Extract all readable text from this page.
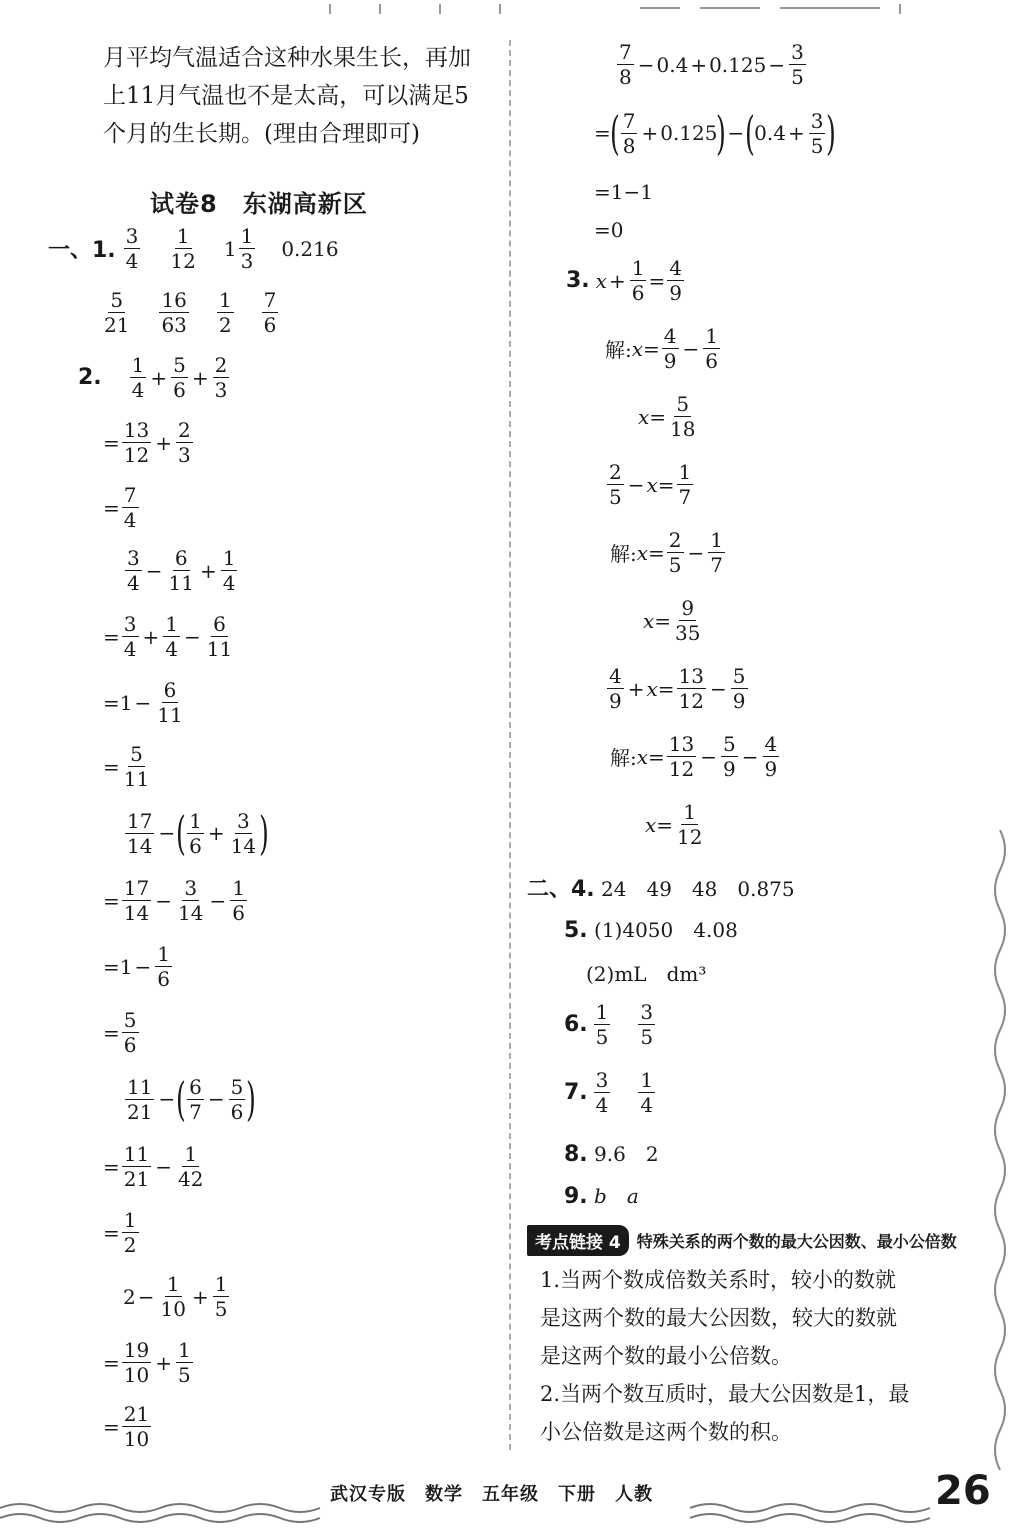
月平均气温适合这种水果生长，再加
上11月气温也不是太高，可以满足5
个月的生长期。(理由合理即可)
试卷8　东湖高新区
一、1. $\frac{3}{4} \frac{1}{12} 1 \frac{1}{3} 0.216$
$\frac{5}{21} \frac{16}{63} \frac{1}{2} \frac{7}{6}$
2. $\frac{1}{4} + \frac{5}{6} + \frac{2}{3}$
= $\frac{13}{12} + \frac{2}{3}$
= $\frac{7}{4}$
$\frac{3}{4} - \frac{6}{11} + \frac{1}{4}$
= $\frac{3}{4} + \frac{1}{4} - \frac{6}{11}$
= $1 - \frac{6}{11}$
= $\frac{5}{11}$
$\frac{17}{14}$ − ( $\frac{1}{6} + \frac{3}{14}$ )
= $\frac{17}{14} - \frac{3}{14} - \frac{1}{6}$
= $1 - \frac{1}{6}$
= $\frac{5}{6}$
$\frac{11}{21}$ − ( $\frac{6}{7} - \frac{5}{6}$ )
= $\frac{11}{21} - \frac{1}{42}$
= $\frac{1}{2}$
$2 - \frac{1}{10} + \frac{1}{5}$
= $\frac{19}{10} + \frac{1}{5}$
= $\frac{21}{10}$
$\frac{7}{8} - 0.4 + 0.125 - \frac{3}{5}$
= ( $\frac{7}{8} + 0.125$ ) − ( $0.4 + \frac{3}{5}$ )
=1−1
=0
3. $x + \frac{1}{6} = \frac{4}{9}$
解: $x = \frac{4}{9} - \frac{1}{6}$
$x = \frac{5}{18}$
$\frac{2}{5} - x = \frac{1}{7}$
解: $x = \frac{2}{5} - \frac{1}{7}$
$x = \frac{9}{35}$
$\frac{4}{9} + x = \frac{13}{12} - \frac{5}{9}$
解: $x = \frac{13}{12} - \frac{5}{9} - \frac{4}{9}$
$x = \frac{1}{12}$
二、4. 24　49　48　0.875
5. (1)4050　4.08
(2)mL　dm³
6. $\frac{1}{5} \frac{3}{5}$
7. $\frac{3}{4} \frac{1}{4}$
8. 9.6　2
9. b　a
考点链接 4	特殊关系的两个数的最大公因数、最小公倍数
1.当两个数成倍数关系时，较小的数就
是这两个数的最大公因数，较大的数就
是这两个数的最小公倍数。
2.当两个数互质时，最大公因数是1，最
小公倍数是这两个数的积。
武汉专版　数学　五年级　下册　人教	26
